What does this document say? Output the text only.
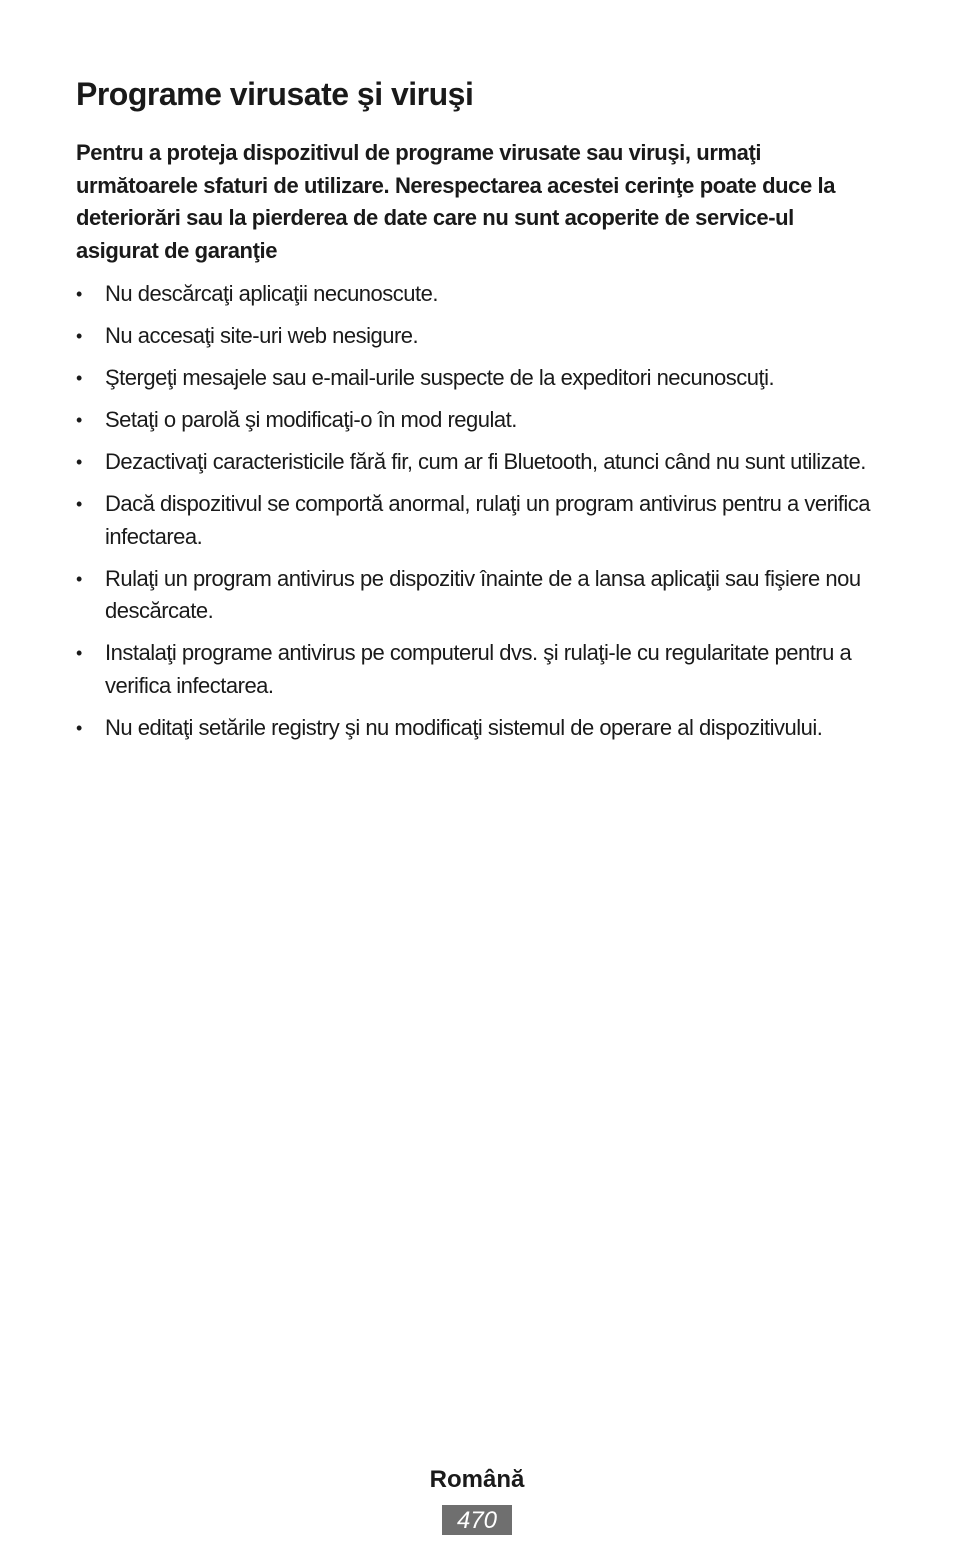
Programe virusate şi viruşi

Pentru a proteja dispozitivul de programe virusate sau viruşi, urmaţi următoarele sfaturi de utilizare. Nerespectarea acestei cerinţe poate duce la deteriorări sau la pierderea de date care nu sunt acoperite de service-ul asigurat de garanţie

• Nu descărcaţi aplicaţii necunoscute.
• Nu accesaţi site-uri web nesigure.
• Ştergeţi mesajele sau e-mail-urile suspecte de la expeditori necunoscuţi.
• Setaţi o parolă şi modificaţi-o în mod regulat.
• Dezactivaţi caracteristicile fără fir, cum ar fi Bluetooth, atunci când nu sunt utilizate.
• Dacă dispozitivul se comportă anormal, rulaţi un program antivirus pentru a verifica infectarea.
• Rulaţi un program antivirus pe dispozitiv înainte de a lansa aplicaţii sau fişiere nou descărcate.
• Instalaţi programe antivirus pe computerul dvs. şi rulaţi-le cu regularitate pentru a verifica infectarea.
• Nu editaţi setările registry şi nu modificaţi sistemul de operare al dispozitivului.
Română
470
